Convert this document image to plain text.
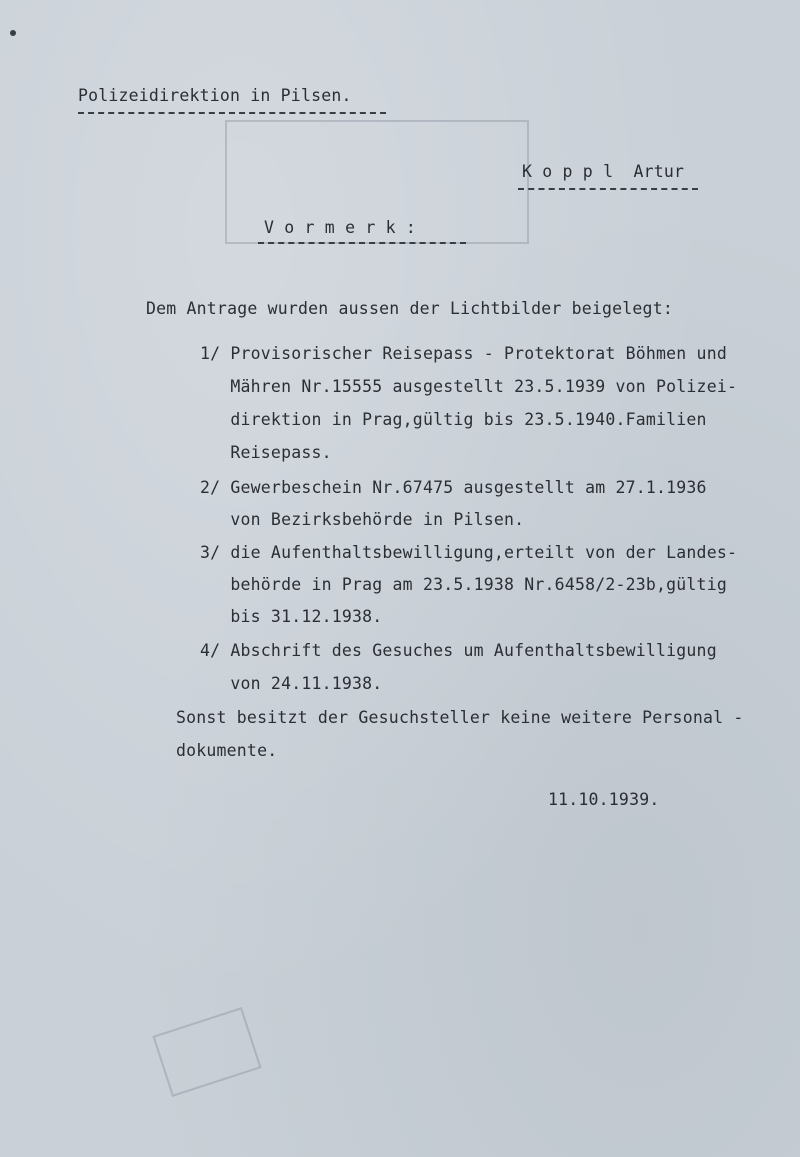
Polizeidirektion in Pilsen.

K o p p l  Artur

V o r m e r k :

Dem Antrage wurden aussen der Lichtbilder beigelegt:

1/ Provisorischer Reisepass - Protektorat Böhmen und

Mähren Nr.15555 ausgestellt 23.5.1939 von Polizei-

direktion in Prag,gültig bis 23.5.1940.Familien

Reisepass.

2/ Gewerbeschein Nr.67475 ausgestellt am 27.1.1936

von Bezirksbehörde in Pilsen.

3/ die Aufenthaltsbewilligung,erteilt von der Landes-

behörde in Prag am 23.5.1938 Nr.6458/2-23b,gültig

bis 31.12.1938.

4/ Abschrift des Gesuches um Aufenthaltsbewilligung

von 24.11.1938.

Sonst besitzt der Gesuchsteller keine weitere Personal -

dokumente.

11.10.1939.
